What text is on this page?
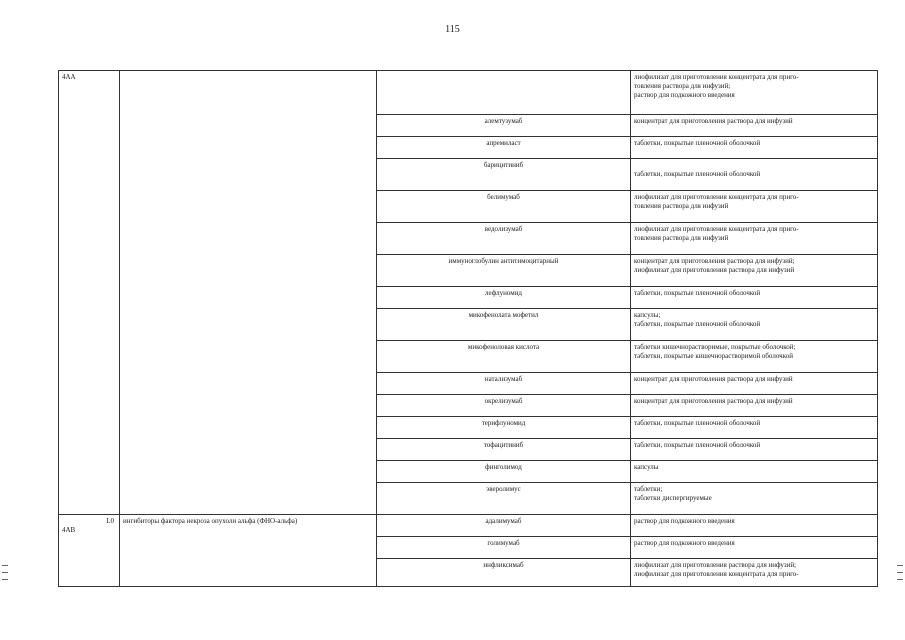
115
4AA			лиофилизат для приготовления концентрата для приго-
товления раствора для инфузий;
раствор для подкожного введения

		алемтузумаб	концентрат для приготовления раствора для инфузий

		апремиласт	таблетки, покрытые пленочной оболочкой

		барицитиниб	таблетки, покрытые пленочной оболочкой

		белимумаб	лиофилизат для приготовления концентрата для приго-
товления раствора для инфузий

		ведолизумаб	лиофилизат для приготовления концентрата для приго-
товления раствора для инфузий

		иммуноглобулин антитимоцитарный	концентрат для приготовления раствора для инфузий;
лиофилизат для приготовления раствора для инфузий

		лефлуномид	таблетки, покрытые пленочной оболочкой

		микофенолата мофетил	капсулы;
таблетки, покрытые пленочной оболочкой

		микофеноловая кислота	таблетки кишечнорастворимые, покрытые оболочкой;
таблетки, покрытые кишечнорастворимой оболочкой

		натализумаб	концентрат для приготовления раствора для инфузий

		окрелизумаб	концентрат для приготовления раствора для инфузий

		терифлуномид	таблетки, покрытые пленочной оболочкой

		тофацитиниб	таблетки, покрытые пленочной оболочкой

		финголимод	капсулы

		эверолимус	таблетки;
таблетки диспергируемые

L0
4AB	ингибиторы фактора некроза опухоли альфа (ФНО-альфа)	адалимумаб	раствор для подкожного введения

		голимумаб	раствор для подкожного введения

		инфликсимаб	лиофилизат для приготовления раствора для инфузий;
лиофилизат для приготовления концентрата для приго-
